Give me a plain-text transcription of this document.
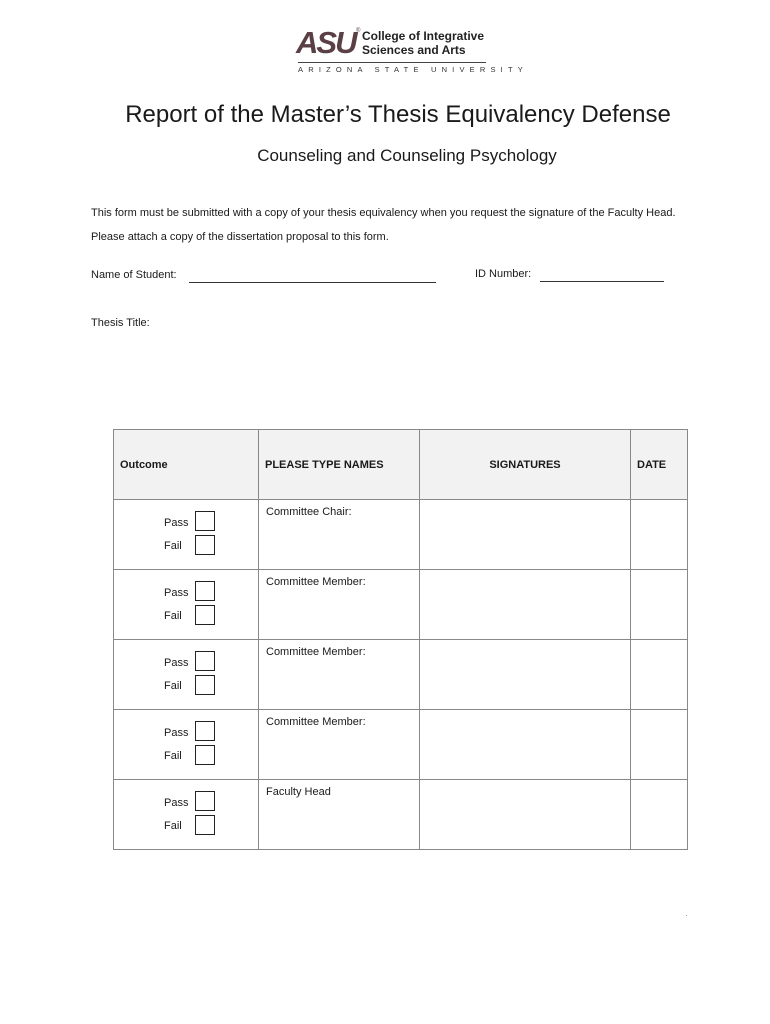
ASU ® College of Integrative
Sciences and Arts
ARIZONA STATE UNIVERSITY
Report of the Master’s Thesis Equivalency Defense
Counseling and Counseling Psychology
This form must be submitted with a copy of your thesis equivalency when you request the signature of the Faculty Head. Please attach a copy of the dissertation proposal to this form.
Name of Student:	ID Number:
Thesis Title:
Outcome	PLEASE TYPE NAMES	SIGNATURES	DATE

Pass
Fail	Committee Chair:		

Pass
Fail	Committee Member:		

Pass
Fail	Committee Member:		

Pass
Fail	Committee Member:		

Pass
Fail	Faculty Head		
